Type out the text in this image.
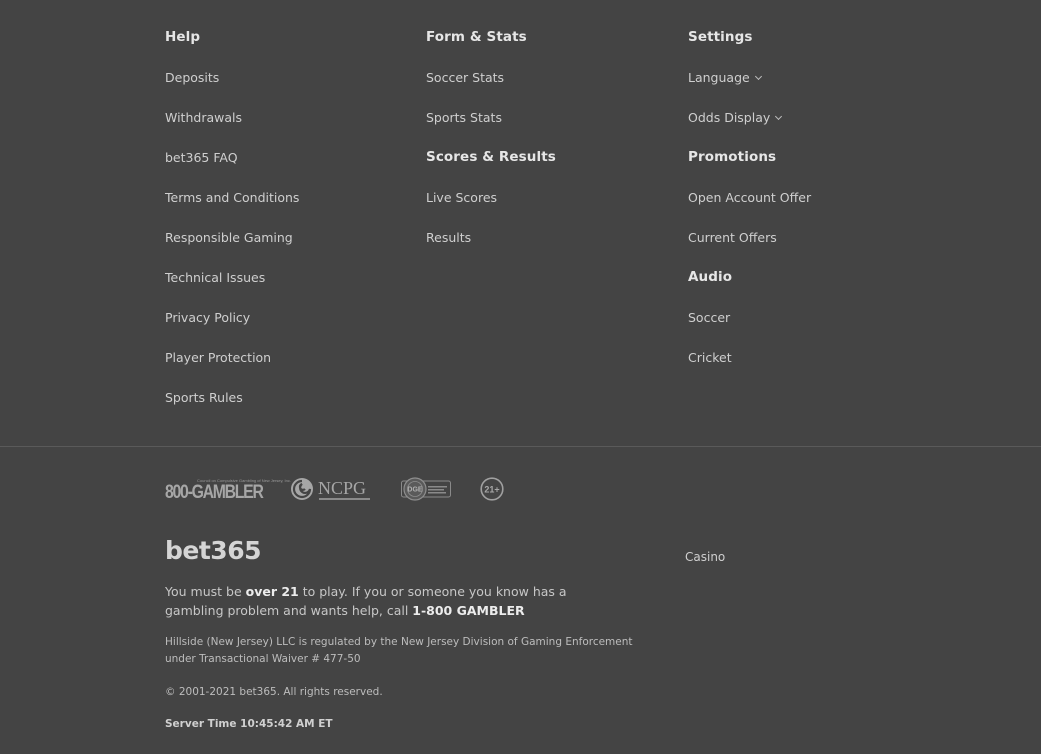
Help
Deposits
Withdrawals
bet365 FAQ
Terms and Conditions
Responsible Gaming
Technical Issues
Privacy Policy
Player Protection
Sports Rules
Form & Stats
Soccer Stats
Sports Stats
Scores & Results
Live Scores
Results
Settings
Language
Odds Display
Promotions
Open Account Offer
Current Offers
Audio
Soccer
Cricket
Council on Compulsive Gambling of New Jersey, Inc.
800-GAMBLER	NCPG	DGE	21+
bet365	Casino
You must be over 21 to play. If you or someone you know has a gambling problem and wants help, call 1-800 GAMBLER
Hillside (New Jersey) LLC is regulated by the New Jersey Division of Gaming Enforcement under Transactional Waiver # 477-50
© 2001-2021 bet365. All rights reserved.
Server Time 10:45:42 AM ET
